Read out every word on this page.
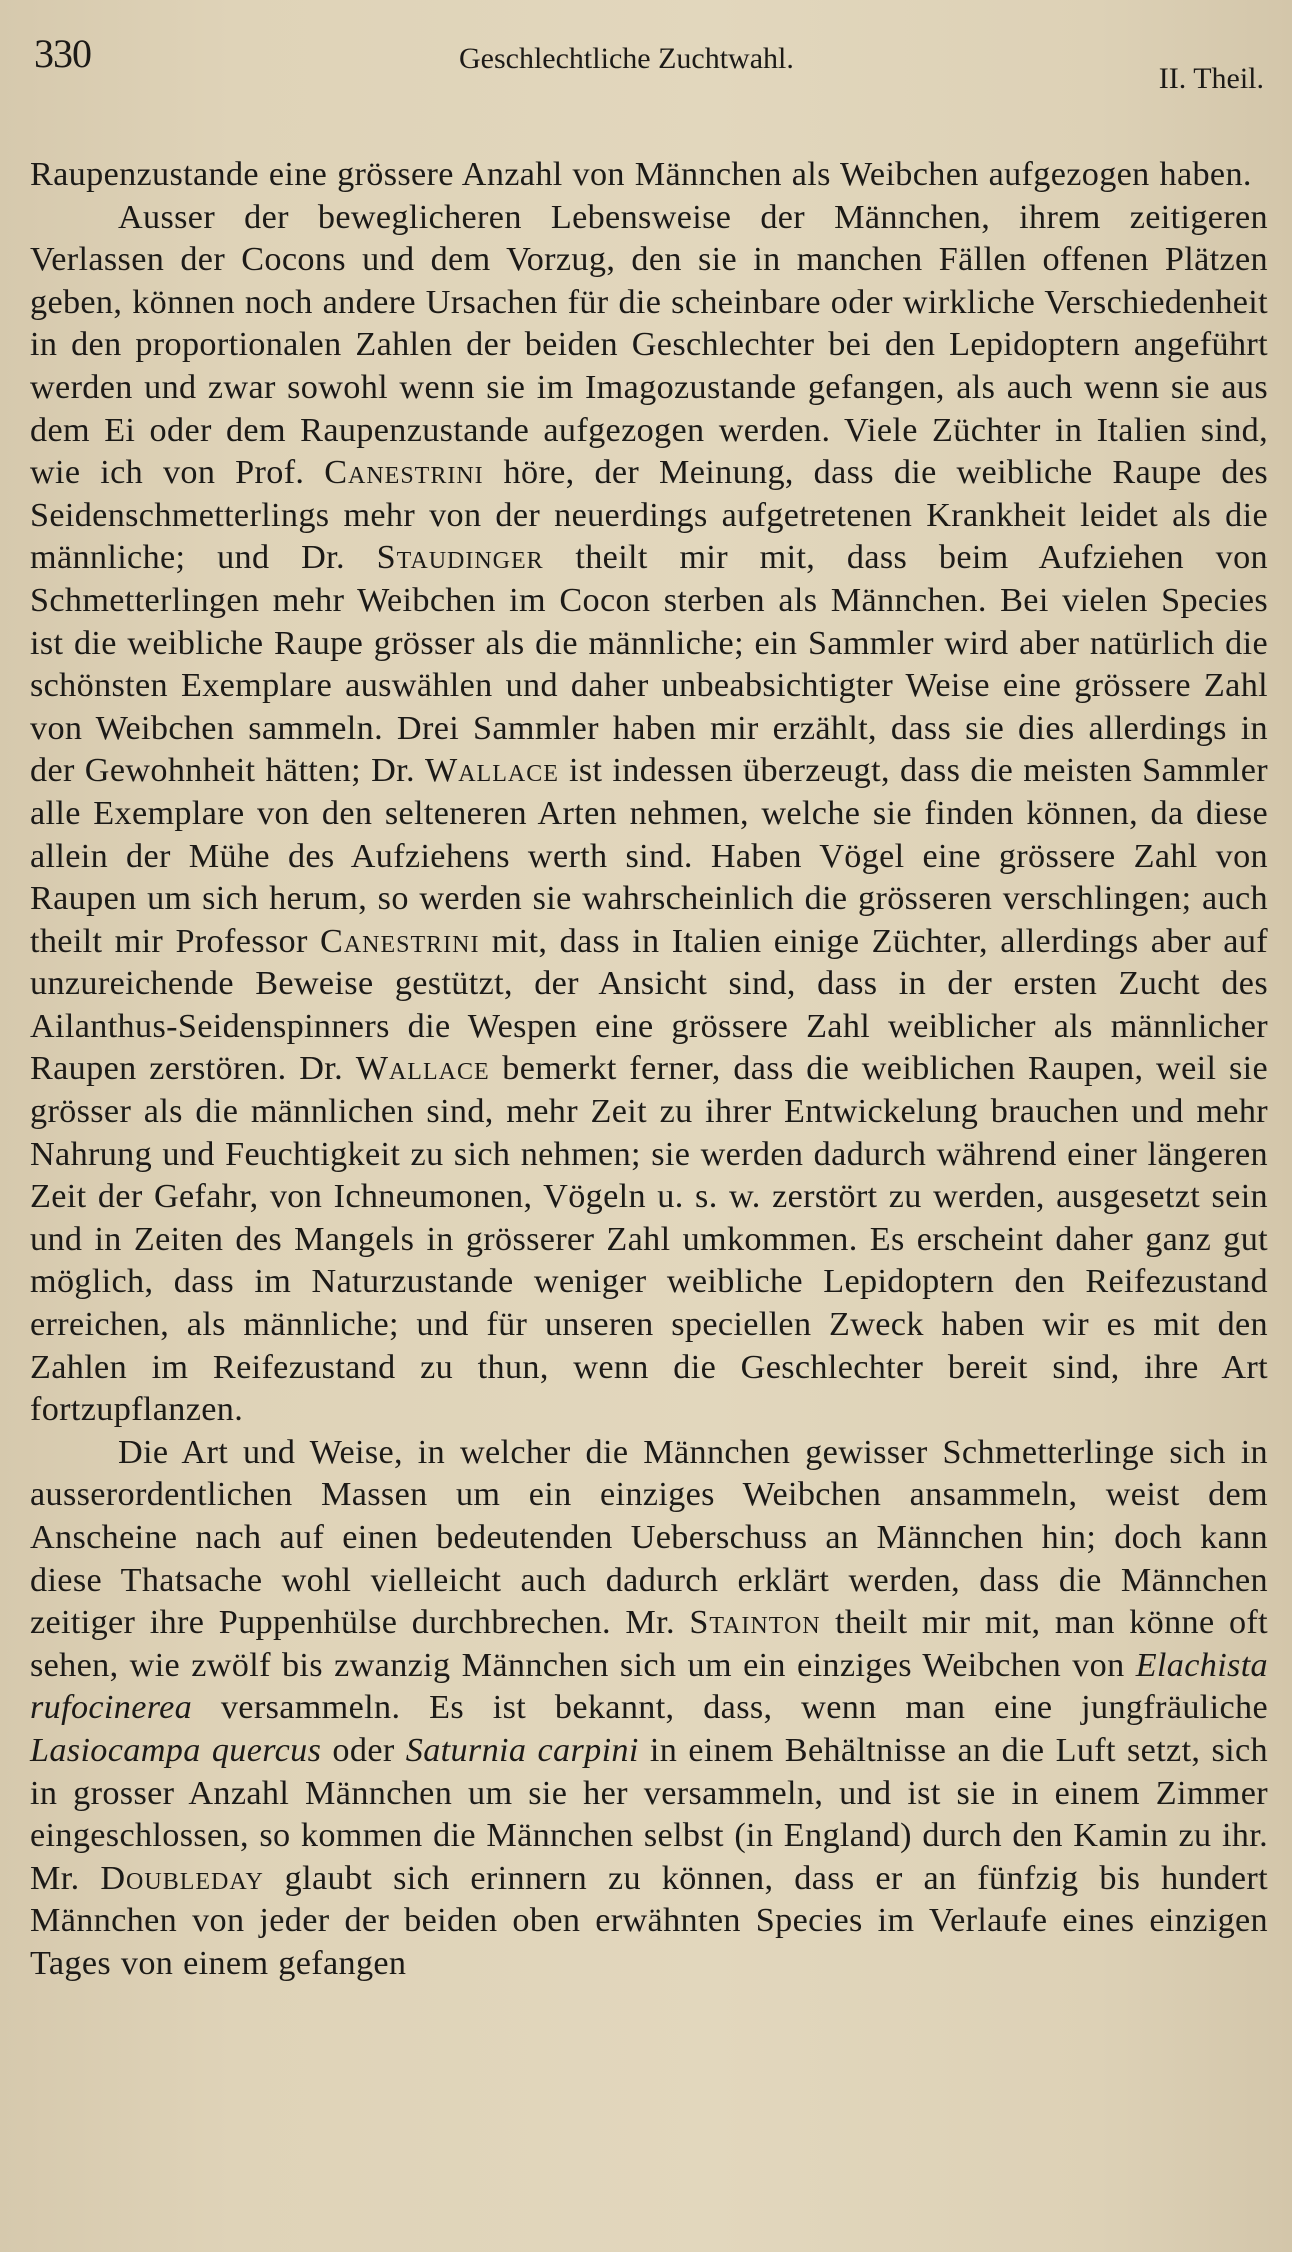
330	Geschlechtliche Zuchtwahl.
II. Theil.

Raupenzustande eine grössere Anzahl von Männchen als Weibchen aufgezogen haben.

Ausser der beweglicheren Lebensweise der Männchen, ihrem zeitigeren Verlassen der Cocons und dem Vorzug, den sie in manchen Fällen offenen Plätzen geben, können noch andere Ursachen für die scheinbare oder wirkliche Verschiedenheit in den proportionalen Zahlen der beiden Geschlechter bei den Lepidoptern angeführt werden und zwar sowohl wenn sie im Imagozustande gefangen, als auch wenn sie aus dem Ei oder dem Raupenzustande aufgezogen werden. Viele Züchter in Italien sind, wie ich von Prof. Canestrini höre, der Meinung, dass die weibliche Raupe des Seidenschmetterlings mehr von der neuerdings aufgetretenen Krankheit leidet als die männliche; und Dr. Staudinger theilt mir mit, dass beim Aufziehen von Schmetterlingen mehr Weibchen im Cocon sterben als Männchen. Bei vielen Species ist die weibliche Raupe grösser als die männliche; ein Sammler wird aber natürlich die schönsten Exemplare auswählen und daher unbeabsichtigter Weise eine grössere Zahl von Weibchen sammeln. Drei Sammler haben mir erzählt, dass sie dies allerdings in der Gewohnheit hätten; Dr. Wallace ist indessen überzeugt, dass die meisten Sammler alle Exemplare von den selteneren Arten nehmen, welche sie finden können, da diese allein der Mühe des Aufziehens werth sind. Haben Vögel eine grössere Zahl von Raupen um sich herum, so werden sie wahrscheinlich die grösseren verschlingen; auch theilt mir Professor Canestrini mit, dass in Italien einige Züchter, allerdings aber auf unzureichende Beweise gestützt, der Ansicht sind, dass in der ersten Zucht des Ailanthus-Seidenspinners die Wespen eine grössere Zahl weiblicher als männlicher Raupen zerstören. Dr. Wallace bemerkt ferner, dass die weiblichen Raupen, weil sie grösser als die männlichen sind, mehr Zeit zu ihrer Entwickelung brauchen und mehr Nahrung und Feuchtigkeit zu sich nehmen; sie werden dadurch während einer längeren Zeit der Gefahr, von Ichneumonen, Vögeln u. s. w. zerstört zu werden, ausgesetzt sein und in Zeiten des Mangels in grösserer Zahl umkommen. Es erscheint daher ganz gut möglich, dass im Naturzustande weniger weibliche Lepidoptern den Reifezustand erreichen, als männliche; und für unseren speciellen Zweck haben wir es mit den Zahlen im Reifezustand zu thun, wenn die Geschlechter bereit sind, ihre Art fortzupflanzen.

Die Art und Weise, in welcher die Männchen gewisser Schmetterlinge sich in ausserordentlichen Massen um ein einziges Weibchen ansammeln, weist dem Anscheine nach auf einen bedeutenden Ueberschuss an Männchen hin; doch kann diese Thatsache wohl vielleicht auch dadurch erklärt werden, dass die Männchen zeitiger ihre Puppenhülse durchbrechen. Mr. Stainton theilt mir mit, man könne oft sehen, wie zwölf bis zwanzig Männchen sich um ein einziges Weibchen von Elachista rufocinerea versammeln. Es ist bekannt, dass, wenn man eine jungfräuliche Lasiocampa quercus oder Saturnia carpini in einem Behältnisse an die Luft setzt, sich in grosser Anzahl Männchen um sie her versammeln, und ist sie in einem Zimmer eingeschlossen, so kommen die Männchen selbst (in England) durch den Kamin zu ihr. Mr. Doubleday glaubt sich erinnern zu können, dass er an fünfzig bis hundert Männchen von jeder der beiden oben erwähnten Species im Verlaufe eines einzigen Tages von einem gefangen
